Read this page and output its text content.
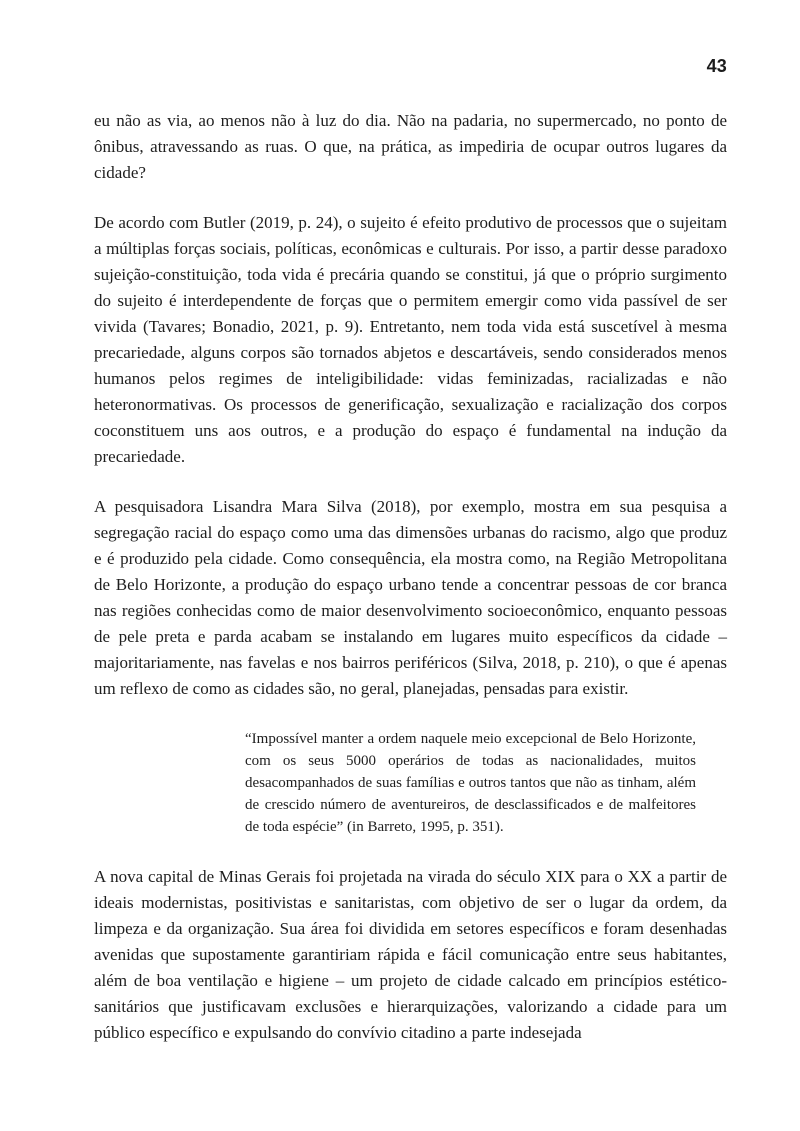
43

eu não as via, ao menos não à luz do dia. Não na padaria, no supermercado, no ponto de ônibus, atravessando as ruas. O que, na prática, as impediria de ocupar outros lugares da cidade?

De acordo com Butler (2019, p. 24), o sujeito é efeito produtivo de processos que o sujeitam a múltiplas forças sociais, políticas, econômicas e culturais. Por isso, a partir desse paradoxo sujeição-constituição, toda vida é precária quando se constitui, já que o próprio surgimento do sujeito é interdependente de forças que o permitem emergir como vida passível de ser vivida (Tavares; Bonadio, 2021, p. 9). Entretanto, nem toda vida está suscetível à mesma precariedade, alguns corpos são tornados abjetos e descartáveis, sendo considerados menos humanos pelos regimes de inteligibilidade: vidas feminizadas, racializadas e não heteronormativas. Os processos de generificação, sexualização e racialização dos corpos coconstituem uns aos outros, e a produção do espaço é fundamental na indução da precariedade.

A pesquisadora Lisandra Mara Silva (2018), por exemplo, mostra em sua pesquisa a segregação racial do espaço como uma das dimensões urbanas do racismo, algo que produz e é produzido pela cidade. Como consequência, ela mostra como, na Região Metropolitana de Belo Horizonte, a produção do espaço urbano tende a concentrar pessoas de cor branca nas regiões conhecidas como de maior desenvolvimento socioeconômico, enquanto pessoas de pele preta e parda acabam se instalando em lugares muito específicos da cidade – majoritariamente, nas favelas e nos bairros periféricos (Silva, 2018, p. 210), o que é apenas um reflexo de como as cidades são, no geral, planejadas, pensadas para existir.

“Impossível manter a ordem naquele meio excepcional de Belo Horizonte, com os seus 5000 operários de todas as nacionalidades, muitos desacompanhados de suas famílias e outros tantos que não as tinham, além de crescido número de aventureiros, de desclassificados e de malfeitores de toda espécie” (in Barreto, 1995, p. 351).

A nova capital de Minas Gerais foi projetada na virada do século XIX para o XX a partir de ideais modernistas, positivistas e sanitaristas, com objetivo de ser o lugar da ordem, da limpeza e da organização. Sua área foi dividida em setores específicos e foram desenhadas avenidas que supostamente garantiriam rápida e fácil comunicação entre seus habitantes, além de boa ventilação e higiene – um projeto de cidade calcado em princípios estético-sanitários que justificavam exclusões e hierarquizações, valorizando a cidade para um público específico e expulsando do convívio citadino a parte indesejada
